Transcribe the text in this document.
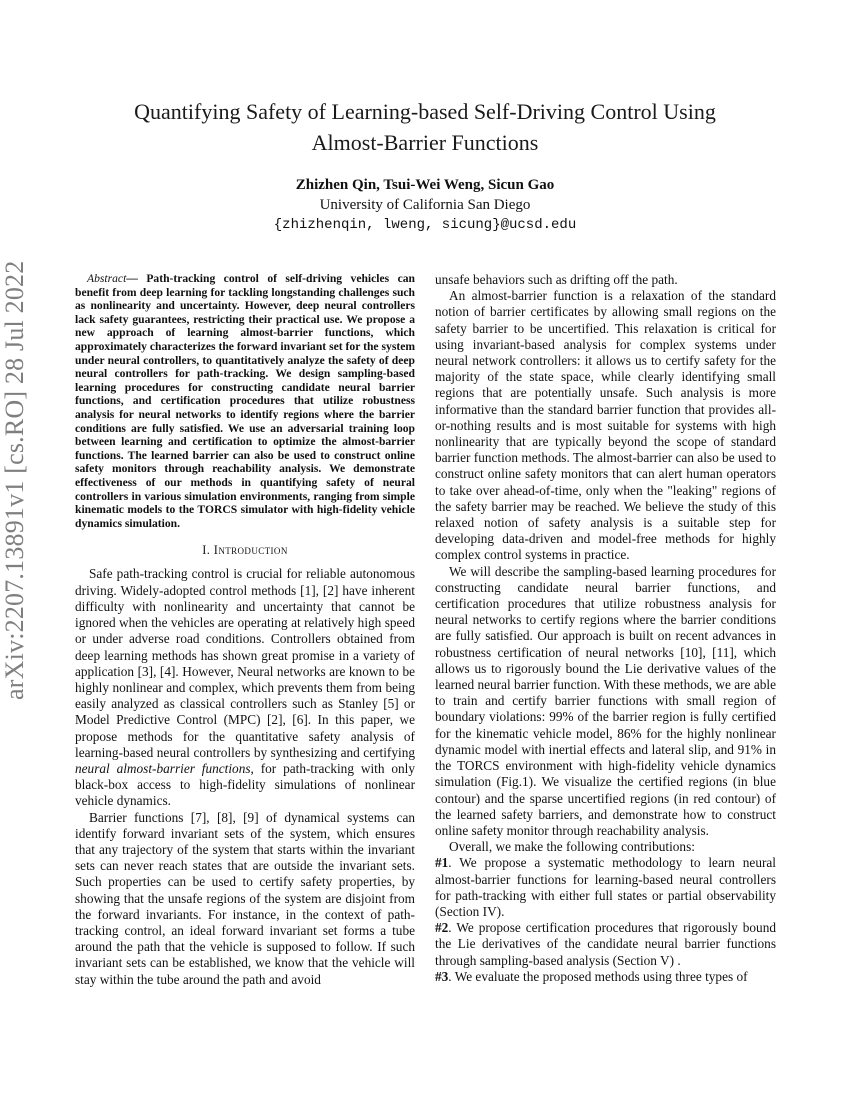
Quantifying Safety of Learning-based Self-Driving Control Using
Almost-Barrier Functions
Zhizhen Qin, Tsui-Wei Weng, Sicun Gao
University of California San Diego
{zhizhenqin, lweng, sicung}@ucsd.edu
arXiv:2207.13891v1 [cs.RO] 28 Jul 2022	Abstract— Path-tracking control of self-driving vehicles can benefit from deep learning for tackling longstanding challenges such as nonlinearity and uncertainty. However, deep neural controllers lack safety guarantees, restricting their practical use. We propose a new approach of learning almost-barrier functions, which approximately characterizes the forward invariant set for the system under neural controllers, to quantitatively analyze the safety of deep neural controllers for path-tracking. We design sampling-based learning procedures for constructing candidate neural barrier functions, and certification procedures that utilize robustness analysis for neural networks to identify regions where the barrier conditions are fully satisfied. We use an adversarial training loop between learning and certification to optimize the almost-barrier functions. The learned barrier can also be used to construct online safety monitors through reachability analysis. We demonstrate effectiveness of our methods in quantifying safety of neural controllers in various simulation environments, ranging from simple kinematic models to the TORCS simulator with high-fidelity vehicle dynamics simulation.

I. Introduction

Safe path-tracking control is crucial for reliable autonomous driving. Widely-adopted control methods [1], [2] have inherent difficulty with nonlinearity and uncertainty that cannot be ignored when the vehicles are operating at relatively high speed or under adverse road conditions. Controllers obtained from deep learning methods has shown great promise in a variety of application [3], [4]. However, Neural networks are known to be highly nonlinear and complex, which prevents them from being easily analyzed as classical controllers such as Stanley [5] or Model Predictive Control (MPC) [2], [6]. In this paper, we propose methods for the quantitative safety analysis of learning-based neural controllers by synthesizing and certifying neural almost-barrier functions, for path-tracking with only black-box access to high-fidelity simulations of nonlinear vehicle dynamics.

Barrier functions [7], [8], [9] of dynamical systems can identify forward invariant sets of the system, which ensures that any trajectory of the system that starts within the invariant sets can never reach states that are outside the invariant sets. Such properties can be used to certify safety properties, by showing that the unsafe regions of the system are disjoint from the forward invariants. For instance, in the context of path-tracking control, an ideal forward invariant set forms a tube around the path that the vehicle is supposed to follow. If such invariant sets can be established, we know that the vehicle will stay within the tube around the path and avoid

unsafe behaviors such as drifting off the path.

An almost-barrier function is a relaxation of the standard notion of barrier certificates by allowing small regions on the safety barrier to be uncertified. This relaxation is critical for using invariant-based analysis for complex systems under neural network controllers: it allows us to certify safety for the majority of the state space, while clearly identifying small regions that are potentially unsafe. Such analysis is more informative than the standard barrier function that provides all-or-nothing results and is most suitable for systems with high nonlinearity that are typically beyond the scope of standard barrier function methods. The almost-barrier can also be used to construct online safety monitors that can alert human operators to take over ahead-of-time, only when the "leaking" regions of the safety barrier may be reached. We believe the study of this relaxed notion of safety analysis is a suitable step for developing data-driven and model-free methods for highly complex control systems in practice.

We will describe the sampling-based learning procedures for constructing candidate neural barrier functions, and certification procedures that utilize robustness analysis for neural networks to certify regions where the barrier conditions are fully satisfied. Our approach is built on recent advances in robustness certification of neural networks [10], [11], which allows us to rigorously bound the Lie derivative values of the learned neural barrier function. With these methods, we are able to train and certify barrier functions with small region of boundary violations: 99% of the barrier region is fully certified for the kinematic vehicle model, 86% for the highly nonlinear dynamic model with inertial effects and lateral slip, and 91% in the TORCS environment with high-fidelity vehicle dynamics simulation (Fig.1). We visualize the certified regions (in blue contour) and the sparse uncertified regions (in red contour) of the learned safety barriers, and demonstrate how to construct online safety monitor through reachability analysis.

Overall, we make the following contributions:

#1. We propose a systematic methodology to learn neural almost-barrier functions for learning-based neural controllers for path-tracking with either full states or partial observability (Section IV).

#2. We propose certification procedures that rigorously bound the Lie derivatives of the candidate neural barrier functions through sampling-based analysis (Section V) .

#3. We evaluate the proposed methods using three types of
